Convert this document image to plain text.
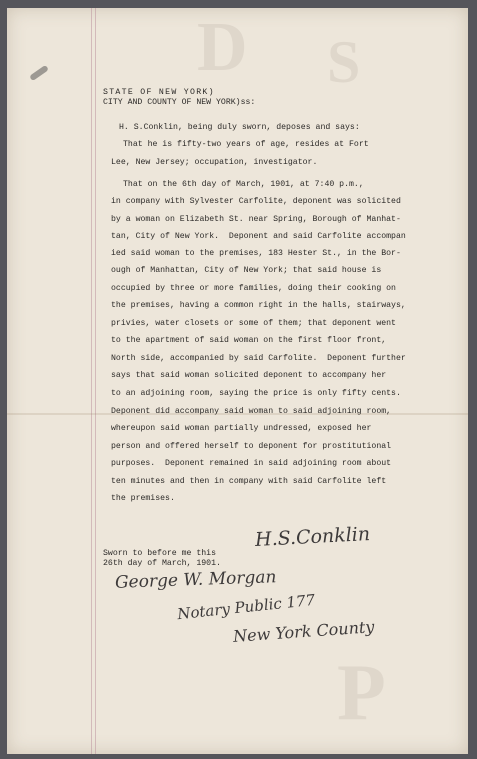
D S
P
STATE OF NEW YORK)
CITY AND COUNTY OF NEW YORK)ss:
H. S.Conklin, being duly sworn, deposes and says:
That he is fifty-two years of age, resides at Fort
Lee, New Jersey; occupation, investigator.
That on the 6th day of March, 1901, at 7:40 p.m.,
in company with Sylvester Carfolite, deponent was solicited
by a woman on Elizabeth St. near Spring, Borough of Manhat-
tan, City of New York.  Deponent and said Carfolite accompan
ied said woman to the premises, 183 Hester St., in the Bor-
ough of Manhattan, City of New York; that said house is
occupied by three or more families, doing their cooking on
the premises, having a common right in the halls, stairways,
privies, water closets or some of them; that deponent went
to the apartment of said woman on the first floor front,
North side, accompanied by said Carfolite.  Deponent further
says that said woman solicited deponent to accompany her
to an adjoining room, saying the price is only fifty cents.
Deponent did accompany said woman to said adjoining room,
whereupon said woman partially undressed, exposed her
person and offered herself to deponent for prostitutional
purposes.  Deponent remained in said adjoining room about
ten minutes and then in company with said Carfolite left
the premises.
H.S.Conklin
Sworn to before me this
26th day of March, 1901.
George W. Morgan
Notary Public 177
New York County
